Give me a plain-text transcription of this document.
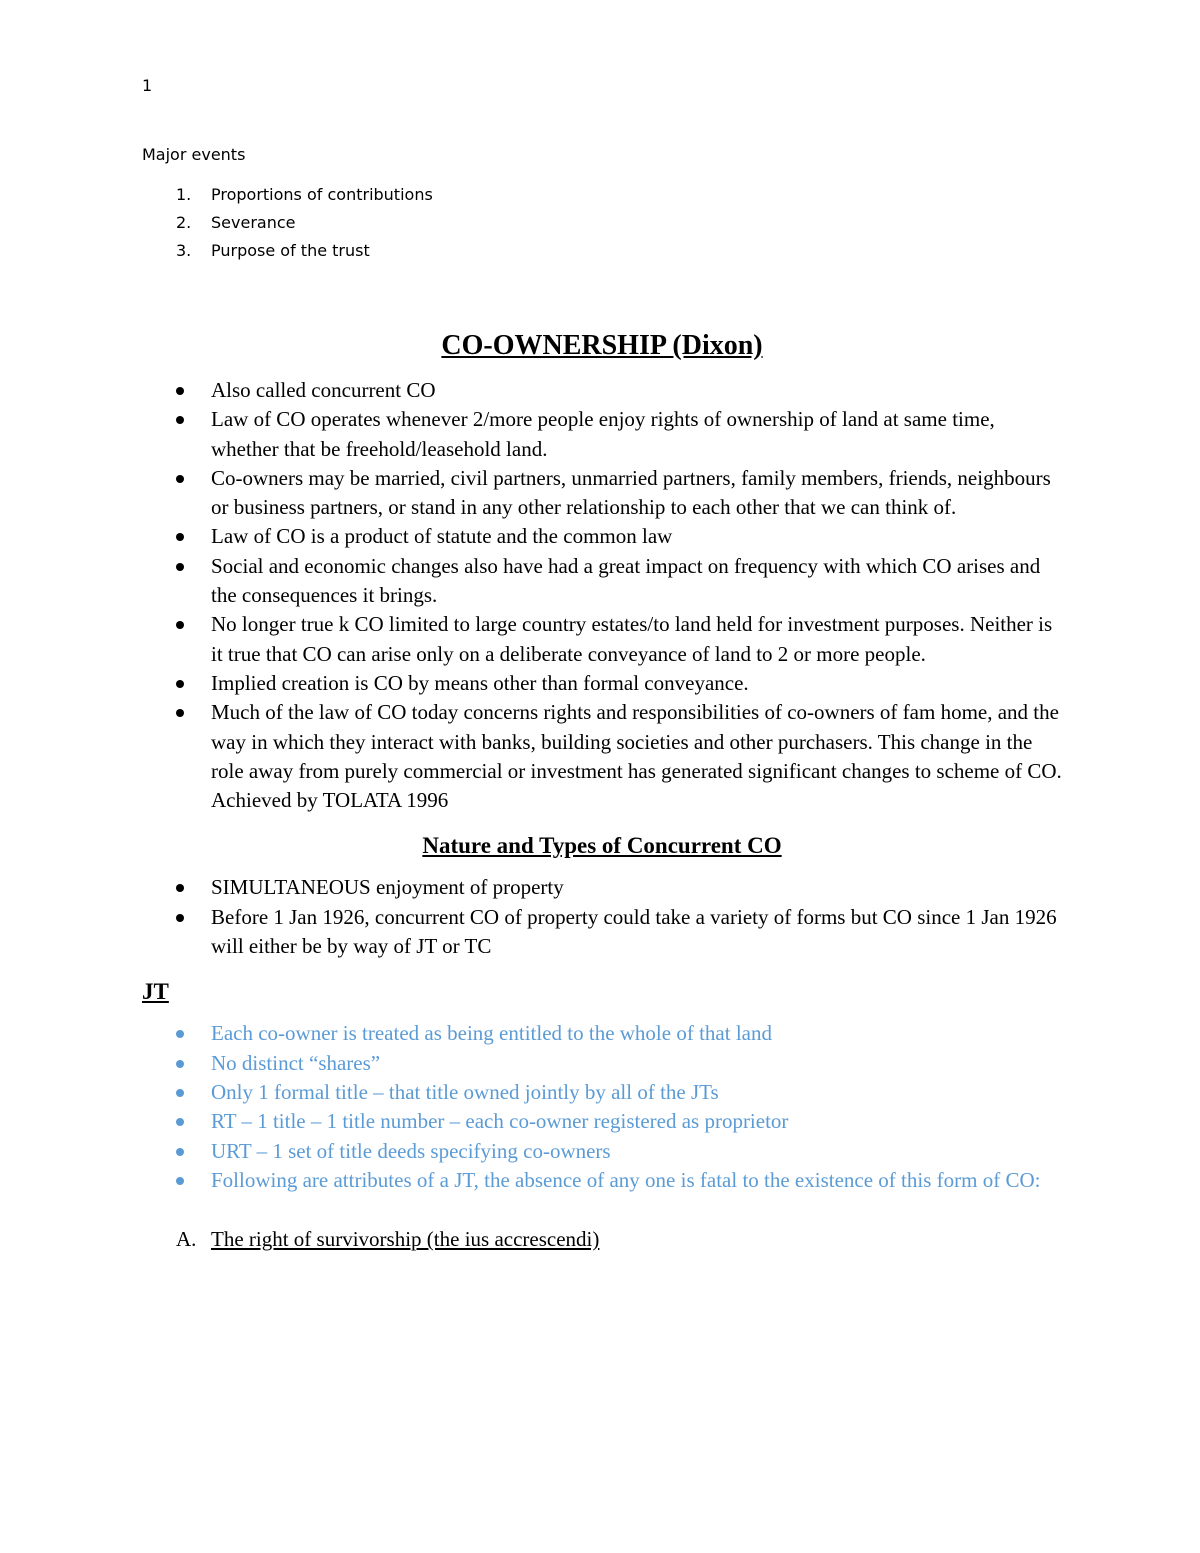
1
Major events
1. Proportions of contributions
2. Severance
3. Purpose of the trust
CO-OWNERSHIP (Dixon)
Also called concurrent CO
Law of CO operates whenever 2/more people enjoy rights of ownership of land at same time, whether that be freehold/leasehold land.
Co-owners may be married, civil partners, unmarried partners, family members, friends, neighbours or business partners, or stand in any other relationship to each other that we can think of.
Law of CO is a product of statute and the common law
Social and economic changes also have had a great impact on frequency with which CO arises and the consequences it brings.
No longer true k CO limited to large country estates/to land held for investment purposes. Neither is it true that CO can arise only on a deliberate conveyance of land to 2 or more people.
Implied creation is CO by means other than formal conveyance.
Much of the law of CO today concerns rights and responsibilities of co-owners of fam home, and the way in which they interact with banks, building societies and other purchasers. This change in the role away from purely commercial or investment has generated significant changes to scheme of CO. Achieved by TOLATA 1996
Nature and Types of Concurrent CO
SIMULTANEOUS enjoyment of property
Before 1 Jan 1926, concurrent CO of property could take a variety of forms but CO since 1 Jan 1926 will either be by way of JT or TC
JT
Each co-owner is treated as being entitled to the whole of that land
No distinct “shares”
Only 1 formal title – that title owned jointly by all of the JTs
RT – 1 title – 1 title number – each co-owner registered as proprietor
URT – 1 set of title deeds specifying co-owners
Following are attributes of a JT, the absence of any one is fatal to the existence of this form of CO:
A. The right of survivorship (the ius accrescendi)
